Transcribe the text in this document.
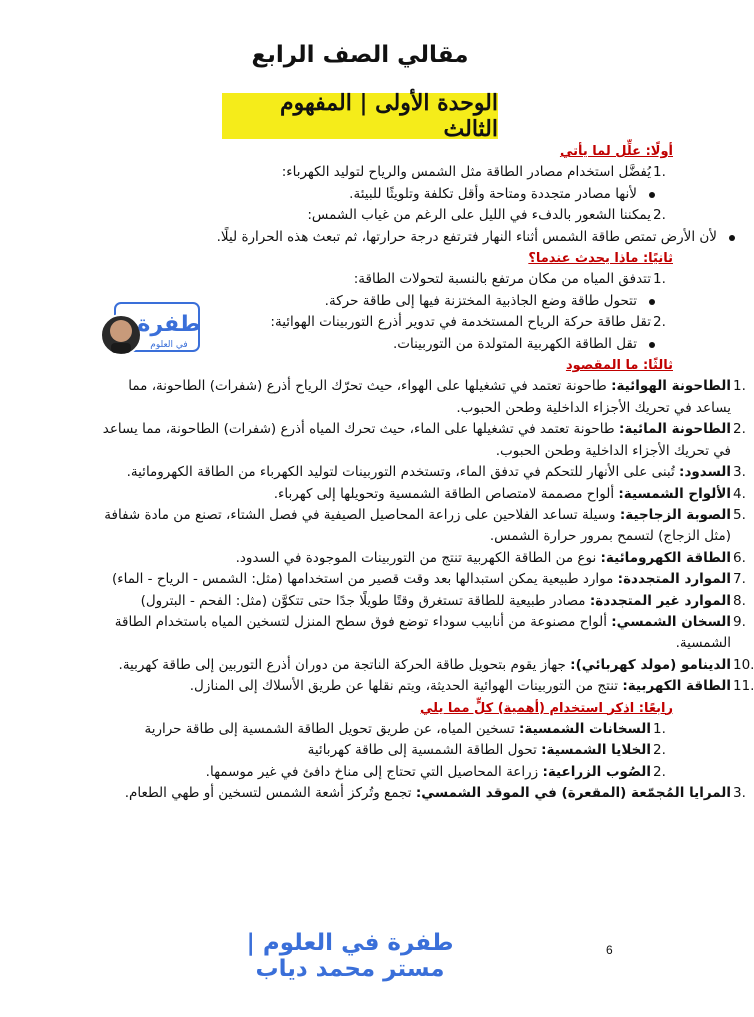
مقالي الصف الرابع
الوحدة الأولى | المفهوم الثالث
طفرة
في العلوم
أولًا: علِّل لما يأتي
1.
يُفضَّل استخدام مصادر الطاقة مثل الشمس والرياح لتوليد الكهرباء:
لأنها مصادر متجددة ومتاحة وأقل تكلفة وتلويثًا للبيئة.
2.
يمكننا الشعور بالدفء في الليل على الرغم من غياب الشمس:
لأن الأرض تمتص طاقة الشمس أثناء النهار فترتفع درجة حرارتها، ثم تبعث هذه الحرارة ليلًا.
ثانيًا: ماذا يحدث عندما؟
1.
تتدفق المياه من مكان مرتفع بالنسبة لتحولات الطاقة:
تتحول طاقة وضع الجاذبية المختزنة فيها إلى طاقة حركة.
2.
تقل طاقة حركة الرياح المستخدمة في تدوير أذرع التوربينات الهوائية:
تقل الطاقة الكهربية المتولدة من التوربينات.
ثالثًا: ما المقصود
1.
الطاحونة الهوائية: طاحونة تعتمد في تشغيلها على الهواء، حيث تحرّك الرياح أذرع (شفرات) الطاحونة، مما يساعد في تحريك الأجزاء الداخلية وطحن الحبوب.
2.
الطاحونة المائية: طاحونة تعتمد في تشغيلها على الماء، حيث تحرك المياه أذرع (شفرات) الطاحونة، مما يساعد في تحريك الأجزاء الداخلية وطحن الحبوب.
3.
السدود: تُبنى على الأنهار للتحكم في تدفق الماء، وتستخدم التوربينات لتوليد الكهرباء من الطاقة الكهرومائية.
4.
الألواح الشمسية: ألواح مصممة لامتصاص الطاقة الشمسية وتحويلها إلى كهرباء.
5.
الصوبة الزجاجية: وسيلة تساعد الفلاحين على زراعة المحاصيل الصيفية في فصل الشتاء، تصنع من مادة شفافة (مثل الزجاج) لتسمح بمرور حرارة الشمس.
6.
الطاقة الكهرومائية: نوع من الطاقة الكهربية تنتج من التوربينات الموجودة في السدود.
7.
الموارد المتجددة: موارد طبيعية يمكن استبدالها بعد وقت قصير من استخدامها (مثل: الشمس - الرياح - الماء)
8.
الموارد غير المتجددة: مصادر طبيعية للطاقة تستغرق وقتًا طويلًا جدًا حتى تتكوَّن (مثل: الفحم - البترول)
9.
السخان الشمسي: ألواح مصنوعة من أنابيب سوداء توضع فوق سطح المنزل لتسخين المياه باستخدام الطاقة الشمسية.
10.
الدينامو (مولد كهربائي): جهاز يقوم بتحويل طاقة الحركة الناتجة من دوران أذرع التوربين إلى طاقة كهربية.
11.
الطاقة الكهربية: تنتج من التوربينات الهوائية الحديثة، ويتم نقلها عن طريق الأسلاك إلى المنازل.
رابعًا: اذكر استخدام (أهمية) كلٍّ مما يلي
1.
السخانات الشمسية: تسخين المياه، عن طريق تحويل الطاقة الشمسية إلى طاقة حرارية
2.
الخلايا الشمسية: تحول الطاقة الشمسية إلى طاقة كهربائية
2.
الصُوب الزراعية: زراعة المحاصيل التي تحتاج إلى مناخ دافئ في غير موسمها.
3.
المرايا المُجمّعة (المقعرة) في الموقد الشمسي: تجمع وتُركز أشعة الشمس لتسخين أو طهي الطعام.
طفرة في العلوم | مستر محمد دياب
6
